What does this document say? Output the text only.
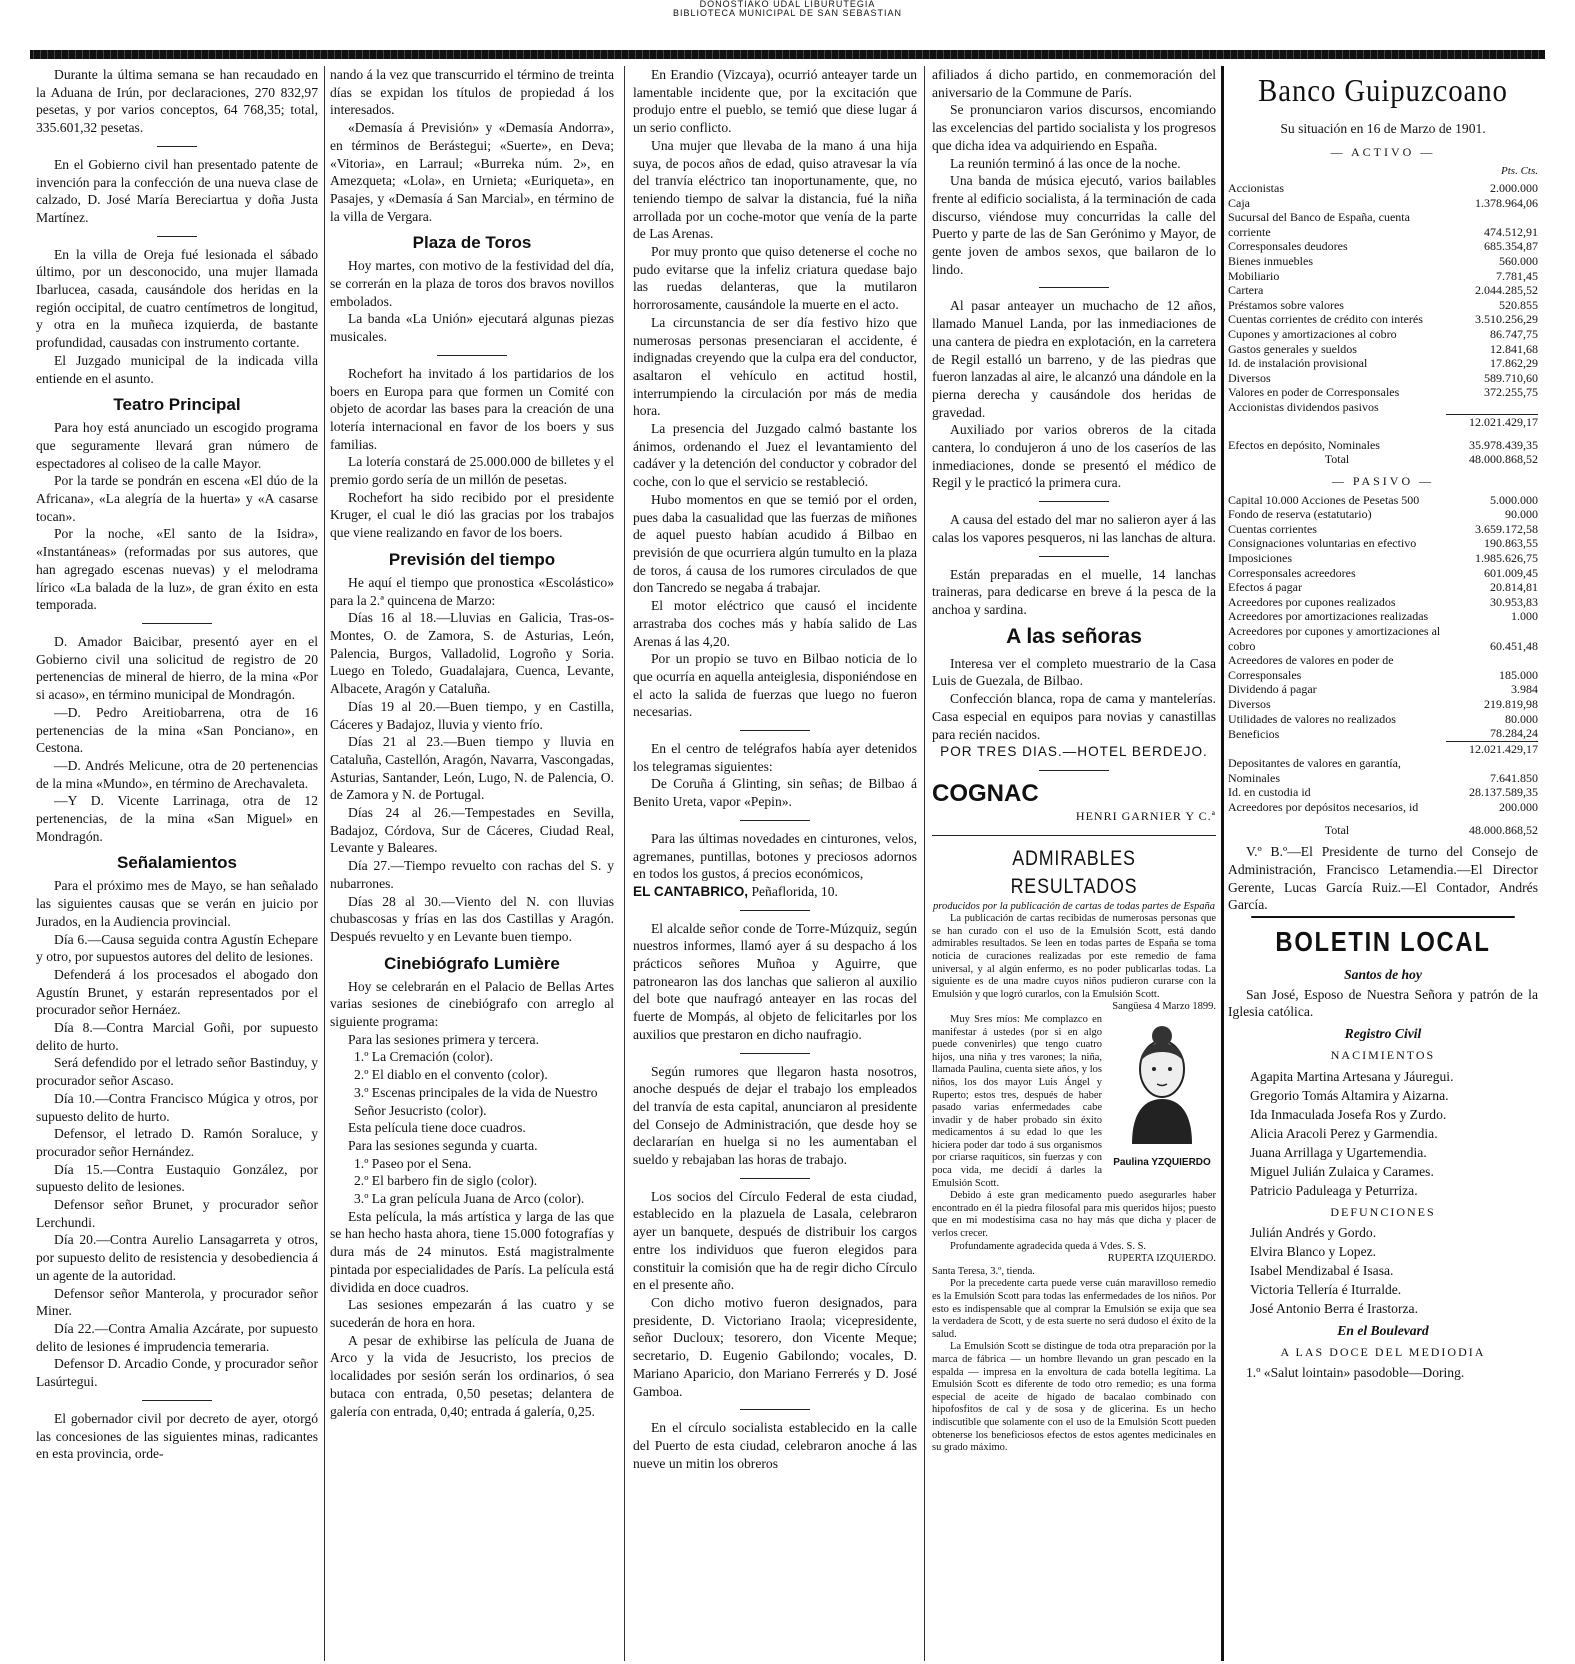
DONOSTIAKO UDAL LIBURUTEGIA
BIBLIOTECA MUNICIPAL DE SAN SEBASTIAN

Durante la última semana se han recaudado en la Aduana de Irún, por declaraciones, 270 832,97 pesetas, y por varios conceptos, 64 768,35; total, 335.601,32 pesetas.

En el Gobierno civil han presentado patente de invención para la confección de una nueva clase de calzado, D. José María Bereciartua y doña Justa Martínez.

En la villa de Oreja fué lesionada el sábado último, por un desconocido, una mujer llamada Ibarlucea, casada, causándole dos heridas en la región occipital, de cuatro centímetros de longitud, y otra en la muñeca izquierda, de bastante profundidad, causadas con instrumento cortante.

El Juzgado municipal de la indicada villa entiende en el asunto.

Teatro Principal

Para hoy está anunciado un escogido programa que seguramente llevará gran número de espectadores al coliseo de la calle Mayor.

Por la tarde se pondrán en escena «El dúo de la Africana», «La alegría de la huerta» y «A casarse tocan».

Por la noche, «El santo de la Isidra», «Instantáneas» (reformadas por sus autores, que han agregado escenas nuevas) y el melodrama lírico «La balada de la luz», de gran éxito en esta temporada.

D. Amador Baicibar, presentó ayer en el Gobierno civil una solicitud de registro de 20 pertenencias de mineral de hierro, de la mina «Por si acaso», en término municipal de Mondragón.

—D. Pedro Areitiobarrena, otra de 16 pertenencias de la mina «San Ponciano», en Cestona.

—D. Andrés Melicune, otra de 20 pertenencias de la mina «Mundo», en término de Arechavaleta.

—Y D. Vicente Larrinaga, otra de 12 pertenencias, de la mina «San Miguel» en Mondragón.

Señalamientos

Para el próximo mes de Mayo, se han señalado las siguientes causas que se verán en juicio por Jurados, en la Audiencia provincial.

Día 6.—Causa seguida contra Agustín Echepare y otro, por supuestos autores del delito de lesiones.

Defenderá á los procesados el abogado don Agustín Brunet, y estarán representados por el procurador señor Hernáez.

Día 8.—Contra Marcial Goñi, por supuesto delito de hurto.

Será defendido por el letrado señor Bastinduy, y procurador señor Ascaso.

Día 10.—Contra Francisco Múgica y otros, por supuesto delito de hurto.

Defensor, el letrado D. Ramón Soraluce, y procurador señor Hernández.

Día 15.—Contra Eustaquio González, por supuesto delito de lesiones.

Defensor señor Brunet, y procurador señor Lerchundi.

Día 20.—Contra Aurelio Lansagarreta y otros, por supuesto delito de resistencia y desobediencia á un agente de la autoridad.

Defensor señor Manterola, y procurador señor Miner.

Día 22.—Contra Amalia Azcárate, por supuesto delito de lesiones é imprudencia temeraria.

Defensor D. Arcadio Conde, y procurador señor Lasúrtegui.

El gobernador civil por decreto de ayer, otorgó las concesiones de las siguientes minas, radicantes en esta provincia, orde-

nando á la vez que transcurrido el término de treinta días se expidan los títulos de propiedad á los interesados.

«Demasía á Previsión» y «Demasía Andorra», en términos de Berástegui; «Suerte», en Deva; «Vitoria», en Larraul; «Burreka núm. 2», en Amezqueta; «Lola», en Urnieta; «Euriqueta», en Pasajes, y «Demasía á San Marcial», en término de la villa de Vergara.

Plaza de Toros

Hoy martes, con motivo de la festividad del día, se correrán en la plaza de toros dos bravos novillos embolados.

La banda «La Unión» ejecutará algunas piezas musicales.

Rochefort ha invitado á los partidarios de los boers en Europa para que formen un Comité con objeto de acordar las bases para la creación de una lotería internacional en favor de los boers y sus familias.

La lotería constará de 25.000.000 de billetes y el premio gordo sería de un millón de pesetas.

Rochefort ha sido recibido por el presidente Kruger, el cual le dió las gracias por los trabajos que viene realizando en favor de los boers.

Previsión del tiempo

He aquí el tiempo que pronostica «Escolástico» para la 2.ª quincena de Marzo:

Días 16 al 18.—Lluvias en Galicia, Tras-os-Montes, O. de Zamora, S. de Asturias, León, Palencia, Burgos, Valladolid, Logroño y Soria. Luego en Toledo, Guadalajara, Cuenca, Levante, Albacete, Aragón y Cataluña.

Días 19 al 20.—Buen tiempo, y en Castilla, Cáceres y Badajoz, lluvia y viento frío.

Días 21 al 23.—Buen tiempo y lluvia en Cataluña, Castellón, Aragón, Navarra, Vascongadas, Asturias, Santander, León, Lugo, N. de Palencia, O. de Zamora y N. de Portugal.

Días 24 al 26.—Tempestades en Sevilla, Badajoz, Córdova, Sur de Cáceres, Ciudad Real, Levante y Baleares.

Día 27.—Tiempo revuelto con rachas del S. y nubarrones.

Días 28 al 30.—Viento del N. con lluvias chubascosas y frías en las dos Castillas y Aragón. Después revuelto y en Levante buen tiempo.

Cinebiógrafo Lumière

Hoy se celebrarán en el Palacio de Bellas Artes varias sesiones de cinebiógrafo con arreglo al siguiente programa:

Para las sesiones primera y tercera.

1.º La Cremación (color).
2.º El diablo en el convento (color).
3.º Escenas principales de la vida de Nuestro Señor Jesucristo (color).

Esta película tiene doce cuadros.

Para las sesiones segunda y cuarta.

1.º Paseo por el Sena.
2.º El barbero fin de siglo (color).
3.º La gran película Juana de Arco (color).

Esta película, la más artística y larga de las que se han hecho hasta ahora, tiene 15.000 fotografías y dura más de 24 minutos. Está magistralmente pintada por especialidades de París. La película está dividida en doce cuadros.

Las sesiones empezarán á las cuatro y se sucederán de hora en hora.

A pesar de exhibirse las película de Juana de Arco y la vida de Jesucristo, los precios de localidades por sesión serán los ordinarios, ó sea butaca con entrada, 0,50 pesetas; delantera de galería con entrada, 0,40; entrada á galería, 0,25.

En Erandio (Vizcaya), ocurrió anteayer tarde un lamentable incidente que, por la excitación que produjo entre el pueblo, se temió que diese lugar á un serio conflicto.

Una mujer que llevaba de la mano á una hija suya, de pocos años de edad, quiso atravesar la vía del tranvía eléctrico tan inoportunamente, que, no teniendo tiempo de salvar la distancia, fué la niña arrollada por un coche-motor que venía de la parte de Las Arenas.

Por muy pronto que quiso detenerse el coche no pudo evitarse que la infeliz criatura quedase bajo las ruedas delanteras, que la mutilaron horrorosamente, causándole la muerte en el acto.

La circunstancia de ser día festivo hizo que numerosas personas presenciaran el accidente, é indignadas creyendo que la culpa era del conductor, asaltaron el vehículo en actitud hostil, interrumpiendo la circulación por más de media hora.

La presencia del Juzgado calmó bastante los ánimos, ordenando el Juez el levantamiento del cadáver y la detención del conductor y cobrador del coche, con lo que el servicio se restableció.

Hubo momentos en que se temió por el orden, pues daba la casualidad que las fuerzas de miñones de aquel puesto habían acudido á Bilbao en previsión de que ocurriera algún tumulto en la plaza de toros, á causa de los rumores circulados de que don Tancredo se negaba á trabajar.

El motor eléctrico que causó el incidente arrastraba dos coches más y había salido de Las Arenas á las 4,20.

Por un propio se tuvo en Bilbao noticia de lo que ocurría en aquella anteiglesia, disponiéndose en el acto la salida de fuerzas que luego no fueron necesarias.

En el centro de telégrafos había ayer detenidos los telegramas siguientes:

De Coruña á Glinting, sin señas; de Bilbao á Benito Ureta, vapor «Pepin».

Para las últimas novedades en cinturones, velos, agremanes, puntillas, botones y preciosos adornos en todos los gustos, á precios económicos,

EL CANTABRICO, Peñaflorida, 10.

El alcalde señor conde de Torre-Múzquiz, según nuestros informes, llamó ayer á su despacho á los prácticos señores Muñoa y Aguirre, que patronearon las dos lanchas que salieron al auxilio del bote que naufragó anteayer en las rocas del fuerte de Mompás, al objeto de felicitarles por los auxilios que prestaron en dicho naufragio.

Según rumores que llegaron hasta nosotros, anoche después de dejar el trabajo los empleados del tranvía de esta capital, anunciaron al presidente del Consejo de Administración, que desde hoy se declararían en huelga si no les aumentaban el sueldo y rebajaban las horas de trabajo.

Los socios del Círculo Federal de esta ciudad, establecido en la plazuela de Lasala, celebraron ayer un banquete, después de distribuir los cargos entre los individuos que fueron elegidos para constituir la comisión que ha de regir dicho Círculo en el presente año.

Con dicho motivo fueron designados, para presidente, D. Victoriano Iraola; vicepresidente, señor Ducloux; tesorero, don Vicente Meque; secretario, D. Eugenio Gabilondo; vocales, D. Mariano Aparicio, don Mariano Ferrerés y D. José Gamboa.

En el círculo socialista establecido en la calle del Puerto de esta ciudad, celebraron anoche á las nueve un mitin los obreros

afiliados á dicho partido, en conmemoración del aniversario de la Commune de París.

Se pronunciaron varios discursos, encomiando las excelencias del partido socialista y los progresos que dicha idea va adquiriendo en España.

La reunión terminó á las once de la noche.

Una banda de música ejecutó, varios bailables frente al edificio socialista, á la terminación de cada discurso, viéndose muy concurridas la calle del Puerto y parte de las de San Gerónimo y Mayor, de gente joven de ambos sexos, que bailaron de lo lindo.

Al pasar anteayer un muchacho de 12 años, llamado Manuel Landa, por las inmediaciones de una cantera de piedra en explotación, en la carretera de Regil estalló un barreno, y de las piedras que fueron lanzadas al aire, le alcanzó una dándole en la pierna derecha y causándole dos heridas de gravedad.

Auxiliado por varios obreros de la citada cantera, lo condujeron á uno de los caseríos de las inmediaciones, donde se presentó el médico de Regil y le practicó la primera cura.

A causa del estado del mar no salieron ayer á las calas los vapores pesqueros, ni las lanchas de altura.

Están preparadas en el muelle, 14 lanchas traineras, para dedicarse en breve á la pesca de la anchoa y sardina.

A las señoras

Interesa ver el completo muestrario de la Casa Luis de Guezala, de Bilbao.

Confección blanca, ropa de cama y mantelerías. Casa especial en equipos para novias y canastillas para recién nacidos.

POR TRES DIAS.—HOTEL BERDEJO.
COGNAC
HENRI GARNIER Y C.ª
ADMIRABLES RESULTADOS
producidos por la publicación de cartas de todas partes de España

La publicación de cartas recibidas de numerosas personas que se han curado con el uso de la Emulsión Scott, está dando admirables resultados. Se leen en todas partes de España se toma noticia de curaciones realizadas por este remedio de fama universal, y al algún enfermo, es no poder publicarlas todas. La siguiente es de una madre cuyos niños pudieron curarse con la Emulsión y que logró curarlos, con la Emulsión Scott.

Sangüesa 4 Marzo 1899.

Muy Sres míos: Me complazco en manifestar á ustedes (por si en algo puede convenirles) que tengo cuatro hijos, una niña y tres varones; la niña, llamada Paulina, cuenta siete años, y los niños, los dos mayor Luis Ángel y Ruperto; estos tres, después de haber pasado varias enfermedades cabe invadir y de haber probado sin éxito medicamentos á su edad lo que les hiciera poder dar todo á sus organismos por criarse raquíticos, sin fuerzas y con poca vida, me decidí á darles la Emulsión Scott.

Paulina YZQUIERDO

Debido á este gran medicamento puedo asegurarles haber encontrado en él la piedra filosofal para mis queridos hijos; puesto que en mi modestísima casa no hay más que dicha y placer de verlos crecer.

Profundamente agradecida queda á Vdes. S. S.

RUPERTA IZQUIERDO.
Santa Teresa, 3.º, tienda.

Por la precedente carta puede verse cuán maravilloso remedio es la Emulsión Scott para todas las enfermedades de los niños. Por esto es indispensable que al comprar la Emulsión se exija que sea la verdadera de Scott, y de esta suerte no será dudoso el éxito de la salud.

La Emulsión Scott se distingue de toda otra preparación por la marca de fábrica — un hombre llevando un gran pescado en la espalda — impresa en la envoltura de cada botella legítima. La Emulsión Scott es diferente de todo otro remedio; es una forma especial de aceite de hígado de bacalao combinado con hipofosfitos de cal y de sosa y de glicerina. Es un hecho indiscutible que solamente con el uso de la Emulsión Scott pueden obtenerse los beneficiosos efectos de estos agentes medicinales en su grado máximo.

Banco Guipuzcoano
Su situación en 16 de Marzo de 1901.
— ACTIVO —
Pts. Cts.
Accionistas	2.000.000
Caja	1.378.964,06
Sucursal del Banco de España, cuenta corriente	474.512,91
Corresponsales deudores	685.354,87
Bienes inmuebles	560.000
Mobiliario	7.781,45
Cartera	2.044.285,52
Préstamos sobre valores	520.855
Cuentas corrientes de crédito con interés	3.510.256,29
Cupones y amortizaciones al cobro	86.747,75
Gastos generales y sueldos	12.841,68
Id. de instalación provisional	17.862,29
Diversos	589.710,60
Valores en poder de Corresponsales	372.255,75
Accionistas dividendos pasivos	
	12.021.429,17
Efectos en depósito, Nominales	35.978.439,35
Total	48.000.868,52
— PASIVO —
Capital 10.000 Acciones de Pesetas 500	5.000.000
Fondo de reserva (estatutario)	90.000
Cuentas corrientes	3.659.172,58
Consignaciones voluntarias en efectivo	190.863,55
Imposiciones	1.985.626,75
Corresponsales acreedores	601.009,45
Efectos á pagar	20.814,81
Acreedores por cupones realizados	30.953,83
Acreedores por amortizaciones realizadas	1.000
Acreedores por cupones y amortizaciones al cobro	60.451,48
Acreedores de valores en poder de Corresponsales	185.000
Dividendo á pagar	3.984
Diversos	219.819,98
Utilidades de valores no realizados	80.000
Beneficios	78.284,24
	12.021.429,17
Depositantes de valores en garantía, Nominales	7.641.850
Id. en custodia id	28.137.589,35
Acreedores por depósitos necesarios, id	200.000
Total	48.000.868,52

V.º B.º—El Presidente de turno del Consejo de Administración, Francisco Letamendia.—El Director Gerente, Lucas García Ruiz.—El Contador, Andrés García.

BOLETIN LOCAL
Santos de hoy

San José, Esposo de Nuestra Señora y patrón de la Iglesia católica.

Registro Civil
NACIMIENTOS
Agapita Martina Artesana y Jáuregui.
Gregorio Tomás Altamira y Aizarna.
Ida Inmaculada Josefa Ros y Zurdo.
Alicia Aracoli Perez y Garmendia.
Juana Arrillaga y Ugartemendia.
Miguel Julián Zulaica y Carames.
Patricio Paduleaga y Peturriza.
DEFUNCIONES
Julián Andrés y Gordo.
Elvira Blanco y Lopez.
Isabel Mendizabal é Isasa.
Victoria Tellería é Iturralde.
José Antonio Berra é Irastorza.
En el Boulevard
A LAS DOCE DEL MEDIODIA

1.º «Salut lointain» pasodoble—Doring.
